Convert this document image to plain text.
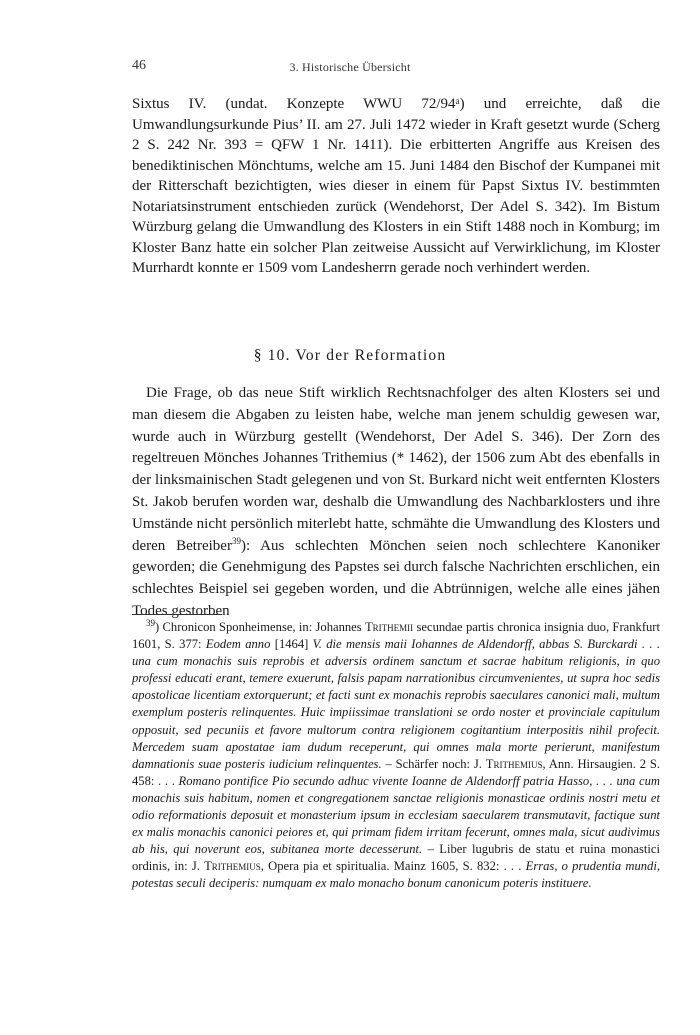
46	3. Historische Übersicht

Sixtus IV. (undat. Konzepte WWU 72/94ᵃ) und erreichte, daß die Umwandlungsurkunde Pius’ II. am 27. Juli 1472 wieder in Kraft gesetzt wurde (Scherg 2 S. 242 Nr. 393 = QFW 1 Nr. 1411). Die erbitterten Angriffe aus Kreisen des benediktinischen Mönchtums, welche am 15. Juni 1484 den Bischof der Kumpanei mit der Ritterschaft bezichtigten, wies dieser in einem für Papst Sixtus IV. bestimmten Notariatsinstrument entschieden zurück (Wendehorst, Der Adel S. 342). Im Bistum Würzburg gelang die Umwandlung des Klosters in ein Stift 1488 noch in Komburg; im Kloster Banz hatte ein solcher Plan zeitweise Aussicht auf Verwirklichung, im Kloster Murrhardt konnte er 1509 vom Landesherrn gerade noch verhindert werden.

§ 10. Vor der Reformation

Die Frage, ob das neue Stift wirklich Rechtsnachfolger des alten Klosters sei und man diesem die Abgaben zu leisten habe, welche man jenem schuldig gewesen war, wurde auch in Würzburg gestellt (Wendehorst, Der Adel S. 346). Der Zorn des regeltreuen Mönches Johannes Trithemius (* 1462), der 1506 zum Abt des ebenfalls in der linksmainischen Stadt gelegenen und von St. Burkard nicht weit entfernten Klosters St. Jakob berufen worden war, deshalb die Umwandlung des Nachbarklosters und ihre Umstände nicht persönlich miterlebt hatte, schmähte die Umwandlung des Klosters und deren Betreiber$^{39}$): Aus schlechten Mönchen seien noch schlechtere Kanoniker geworden; die Genehmigung des Papstes sei durch falsche Nachrichten erschlichen, ein schlechtes Beispiel sei gegeben worden, und die Abtrünnigen, welche alle eines jähen Todes gestorben

$^{39}$) Chronicon Sponheimense, in: Johannes Trithemii secundae partis chronica insignia duo, Frankfurt 1601, S. 377: Eodem anno [1464] V. die mensis maii Iohannes de Aldendorff, abbas S. Burckardi . . . una cum monachis suis reprobis et adversis ordinem sanctum et sacrae habitum religionis, in quo professi educati erant, temere exuerunt, falsis papam narrationibus circumvenientes, ut supra hoc sedis apostolicae licentiam extorquerunt; et facti sunt ex monachis reprobis saeculares canonici mali, multum exemplum posteris relinquentes. Huic impiissimae translationi se ordo noster et provinciale capitulum opposuit, sed pecuniis et favore multorum contra religionem cogitantium interpositis nihil profecit. Mercedem suam apostatae iam dudum receperunt, qui omnes mala morte perierunt, manifestum damnationis suae posteris iudicium relinquentes. – Schärfer noch: J. Trithemius, Ann. Hirsaugien. 2 S. 458: . . . Romano pontifice Pio secundo adhuc vivente Ioanne de Aldendorff patria Hasso, . . . una cum monachis suis habitum, nomen et congregationem sanctae religionis monasticae ordinis nostri metu et odio reformationis deposuit et monasterium ipsum in ecclesiam saecularem transmutavit, factique sunt ex malis monachis canonici peiores et, qui primam fidem irritam fecerunt, omnes mala, sicut audivimus ab his, qui noverunt eos, subitanea morte decesserunt. – Liber lugubris de statu et ruina monastici ordinis, in: J. Trithemius, Opera pia et spiritualia. Mainz 1605, S. 832: . . . Erras, o prudentia mundi, potestas seculi deciperis: numquam ex malo monacho bonum canonicum poteris instituere.
